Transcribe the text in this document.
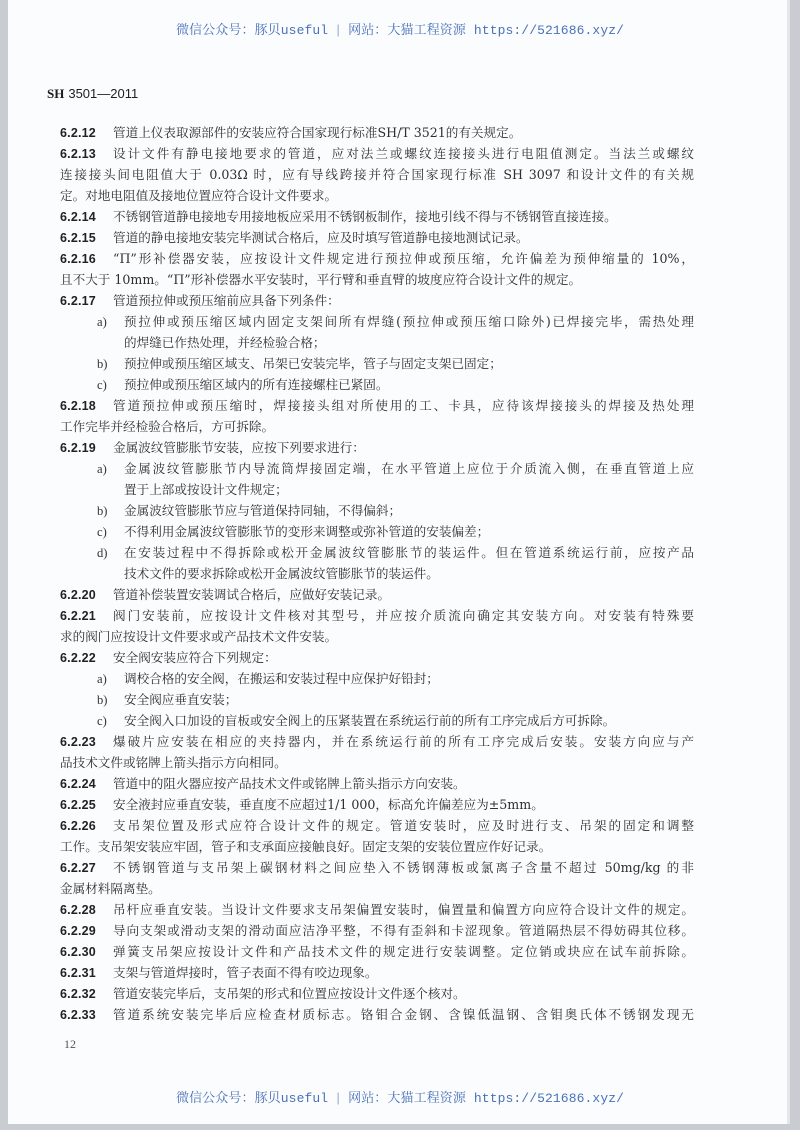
微信公众号：豚贝useful | 网站：大猫工程资源 https://521686.xyz/
SH 3501—2011
6.2.12 管道上仪表取源部件的安装应符合国家现行标准SH/T 3521的有关规定。
6.2.13 设计文件有静电接地要求的管道，应对法兰或螺纹连接接头进行电阻值测定。当法兰或螺纹
连接接头间电阻值大于 0.03Ω 时，应有导线跨接并符合国家现行标准 SH 3097 和设计文件的有关规
定。对地电阻值及接地位置应符合设计文件要求。
6.2.14 不锈钢管道静电接地专用接地板应采用不锈钢板制作，接地引线不得与不锈钢管直接连接。
6.2.15 管道的静电接地安装完毕测试合格后，应及时填写管道静电接地测试记录。
6.2.16 “Π”形补偿器安装，应按设计文件规定进行预拉伸或预压缩，允许偏差为预伸缩量的 10%，
且不大于 10mm。“Π”形补偿器水平安装时，平行臂和垂直臂的坡度应符合设计文件的规定。
6.2.17 管道预拉伸或预压缩前应具备下列条件：
a) 预拉伸或预压缩区域内固定支架间所有焊缝(预拉伸或预压缩口除外)已焊接完毕，需热处理
的焊缝已作热处理，并经检验合格；
b) 预拉伸或预压缩区域支、吊架已安装完毕，管子与固定支架已固定；
c) 预拉伸或预压缩区域内的所有连接螺柱已紧固。
6.2.18 管道预拉伸或预压缩时，焊接接头组对所使用的工、卡具，应待该焊接接头的焊接及热处理
工作完毕并经检验合格后，方可拆除。
6.2.19 金属波纹管膨胀节安装，应按下列要求进行：
a) 金属波纹管膨胀节内导流筒焊接固定端，在水平管道上应位于介质流入侧，在垂直管道上应
置于上部或按设计文件规定；
b) 金属波纹管膨胀节应与管道保持同轴，不得偏斜；
c) 不得利用金属波纹管膨胀节的变形来调整或弥补管道的安装偏差；
d) 在安装过程中不得拆除或松开金属波纹管膨胀节的装运件。但在管道系统运行前，应按产品
技术文件的要求拆除或松开金属波纹管膨胀节的装运件。
6.2.20 管道补偿装置安装调试合格后，应做好安装记录。
6.2.21 阀门安装前，应按设计文件核对其型号，并应按介质流向确定其安装方向。对安装有特殊要
求的阀门应按设计文件要求或产品技术文件安装。
6.2.22 安全阀安装应符合下列规定：
a) 调校合格的安全阀，在搬运和安装过程中应保护好铅封；
b) 安全阀应垂直安装；
c) 安全阀入口加设的盲板或安全阀上的压紧装置在系统运行前的所有工序完成后方可拆除。
6.2.23 爆破片应安装在相应的夹持器内，并在系统运行前的所有工序完成后安装。安装方向应与产
品技术文件或铭牌上箭头指示方向相同。
6.2.24 管道中的阻火器应按产品技术文件或铭牌上箭头指示方向安装。
6.2.25 安全液封应垂直安装，垂直度不应超过1/1 000，标高允许偏差应为±5mm。
6.2.26 支吊架位置及形式应符合设计文件的规定。管道安装时，应及时进行支、吊架的固定和调整
工作。支吊架安装应牢固，管子和支承面应接触良好。固定支架的安装位置应作好记录。
6.2.27 不锈钢管道与支吊架上碳钢材料之间应垫入不锈钢薄板或氯离子含量不超过 50mg/kg 的非
金属材料隔离垫。
6.2.28 吊杆应垂直安装。当设计文件要求支吊架偏置安装时，偏置量和偏置方向应符合设计文件的规定。
6.2.29 导向支架或滑动支架的滑动面应洁净平整，不得有歪斜和卡涩现象。管道隔热层不得妨碍其位移。
6.2.30 弹簧支吊架应按设计文件和产品技术文件的规定进行安装调整。定位销或块应在试车前拆除。
6.2.31 支架与管道焊接时，管子表面不得有咬边现象。
6.2.32 管道安装完毕后，支吊架的形式和位置应按设计文件逐个核对。
6.2.33 管道系统安装完毕后应检查材质标志。铬钼合金钢、含镍低温钢、含钼奥氏体不锈钢发现无
12
微信公众号：豚贝useful | 网站：大猫工程资源 https://521686.xyz/
